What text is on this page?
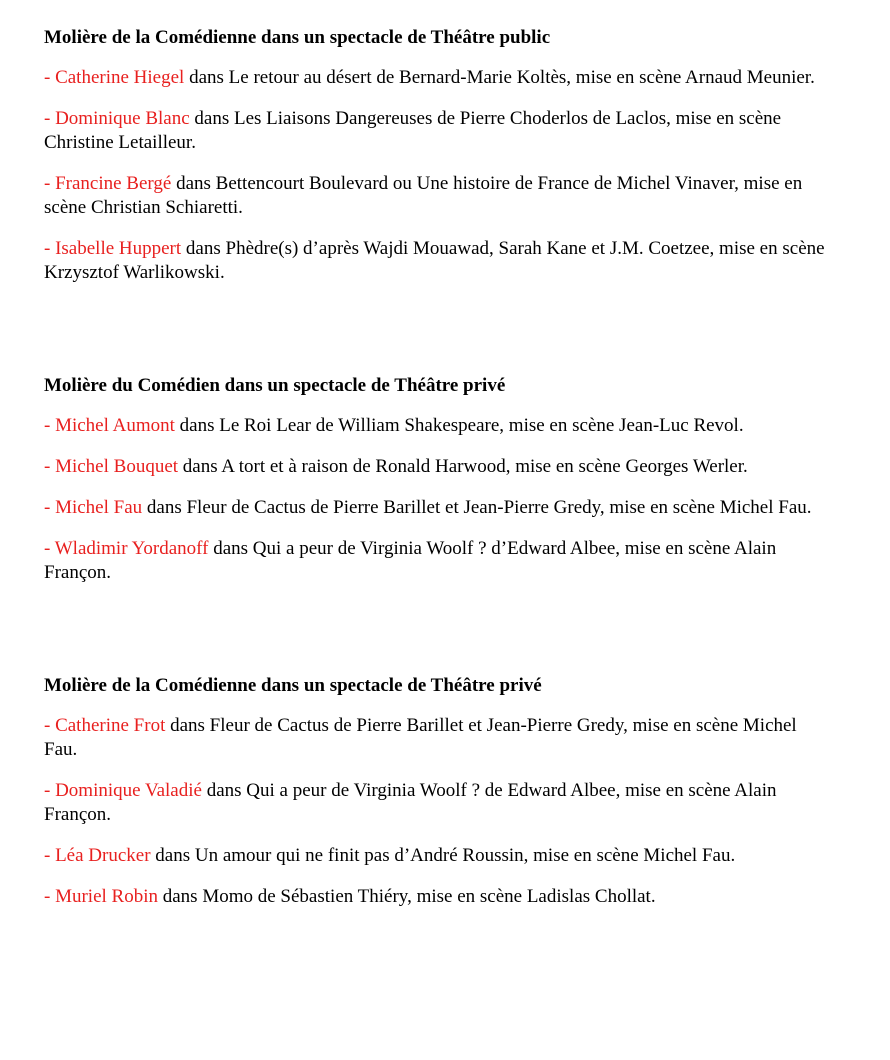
Molière de la Comédienne dans un spectacle de Théâtre public

- Catherine Hiegel dans Le retour au désert de Bernard-Marie Koltès, mise en scène Arnaud Meunier.

- Dominique Blanc dans Les Liaisons Dangereuses de Pierre Choderlos de Laclos, mise en scène Christine Letailleur.

- Francine Bergé dans Bettencourt Boulevard ou Une histoire de France de Michel Vinaver, mise en scène Christian Schiaretti.

- Isabelle Huppert dans Phèdre(s) d’après Wajdi Mouawad, Sarah Kane et J.M. Coetzee, mise en scène Krzysztof Warlikowski.

Molière du Comédien dans un spectacle de Théâtre privé

- Michel Aumont dans Le Roi Lear de William Shakespeare, mise en scène Jean-Luc Revol.

- Michel Bouquet dans A tort et à raison de Ronald Harwood, mise en scène Georges Werler.

- Michel Fau dans Fleur de Cactus de Pierre Barillet et Jean-Pierre Gredy, mise en scène Michel Fau.

- Wladimir Yordanoff dans Qui a peur de Virginia Woolf ? d’Edward Albee, mise en scène Alain Françon.

Molière de la Comédienne dans un spectacle de Théâtre privé

- Catherine Frot dans Fleur de Cactus de Pierre Barillet et Jean-Pierre Gredy, mise en scène Michel Fau.

- Dominique Valadié dans Qui a peur de Virginia Woolf ? de Edward Albee, mise en scène Alain Françon.

- Léa Drucker dans Un amour qui ne finit pas d’André Roussin, mise en scène Michel Fau.

- Muriel Robin dans Momo de Sébastien Thiéry, mise en scène Ladislas Chollat.
